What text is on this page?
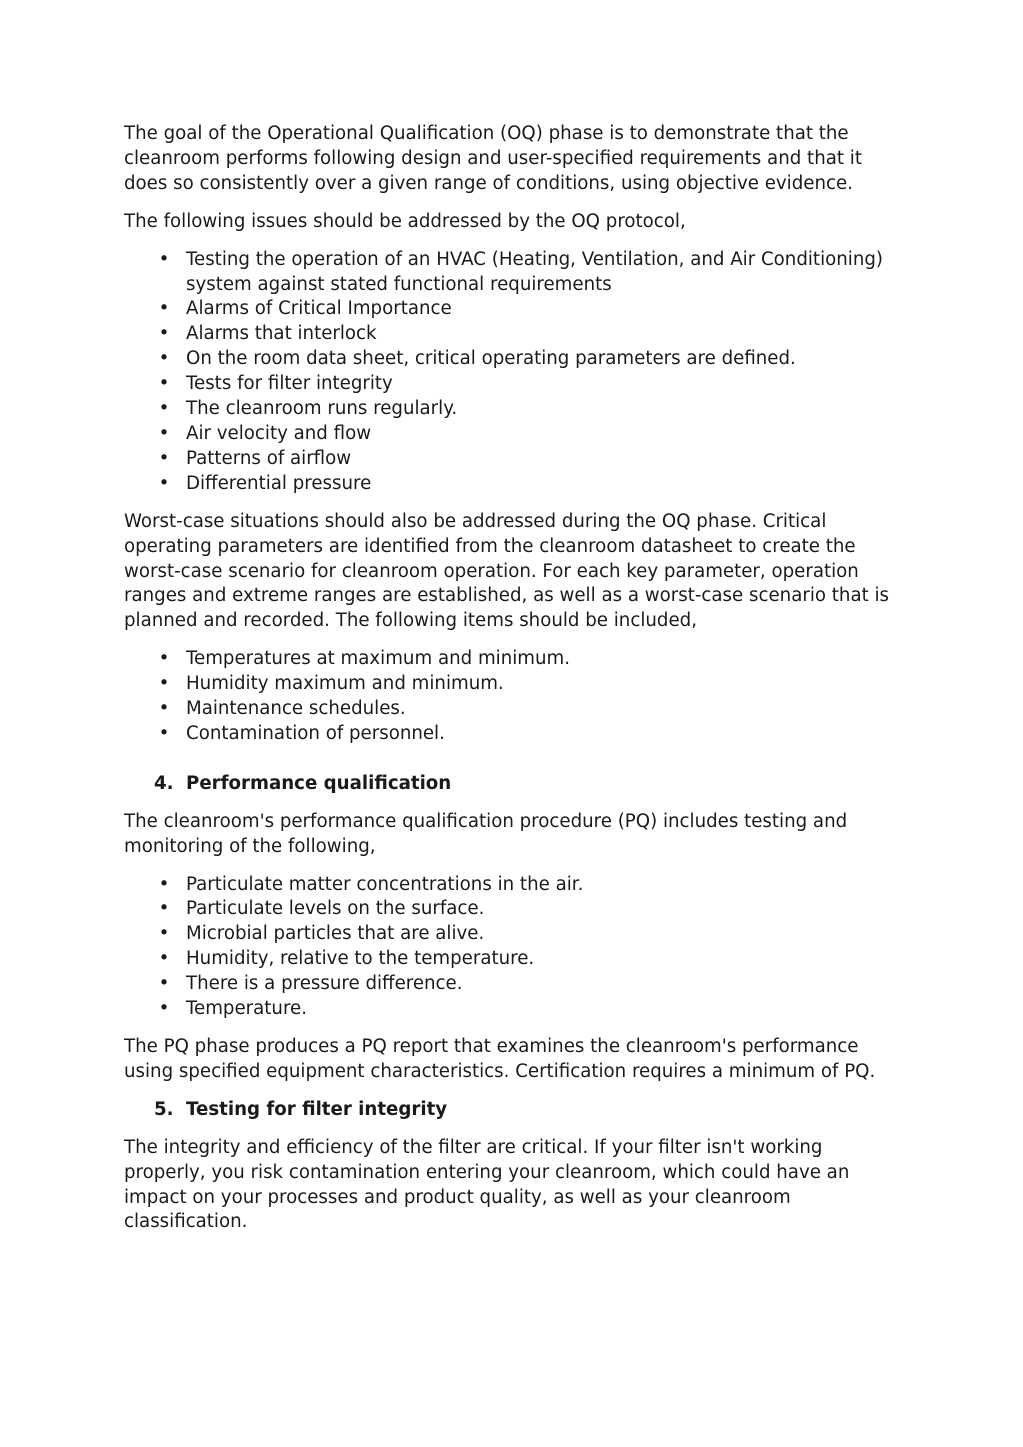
The goal of the Operational Qualification (OQ) phase is to demonstrate that the cleanroom performs following design and user-specified requirements and that it does so consistently over a given range of conditions, using objective evidence.

The following issues should be addressed by the OQ protocol,

• Testing the operation of an HVAC (Heating, Ventilation, and Air Conditioning) system against stated functional requirements
• Alarms of Critical Importance
• Alarms that interlock
• On the room data sheet, critical operating parameters are defined.
• Tests for filter integrity
• The cleanroom runs regularly.
• Air velocity and flow
• Patterns of airflow
• Differential pressure

Worst-case situations should also be addressed during the OQ phase. Critical operating parameters are identified from the cleanroom datasheet to create the worst-case scenario for cleanroom operation. For each key parameter, operation ranges and extreme ranges are established, as well as a worst-case scenario that is planned and recorded. The following items should be included,

• Temperatures at maximum and minimum.
• Humidity maximum and minimum.
• Maintenance schedules.
• Contamination of personnel.
4. Performance qualification

The cleanroom's performance qualification procedure (PQ) includes testing and monitoring of the following,

• Particulate matter concentrations in the air.
• Particulate levels on the surface.
• Microbial particles that are alive.
• Humidity, relative to the temperature.
• There is a pressure difference.
• Temperature.

The PQ phase produces a PQ report that examines the cleanroom's performance using specified equipment characteristics. Certification requires a minimum of PQ.

5. Testing for filter integrity

The integrity and efficiency of the filter are critical. If your filter isn't working properly, you risk contamination entering your cleanroom, which could have an impact on your processes and product quality, as well as your cleanroom classification.
